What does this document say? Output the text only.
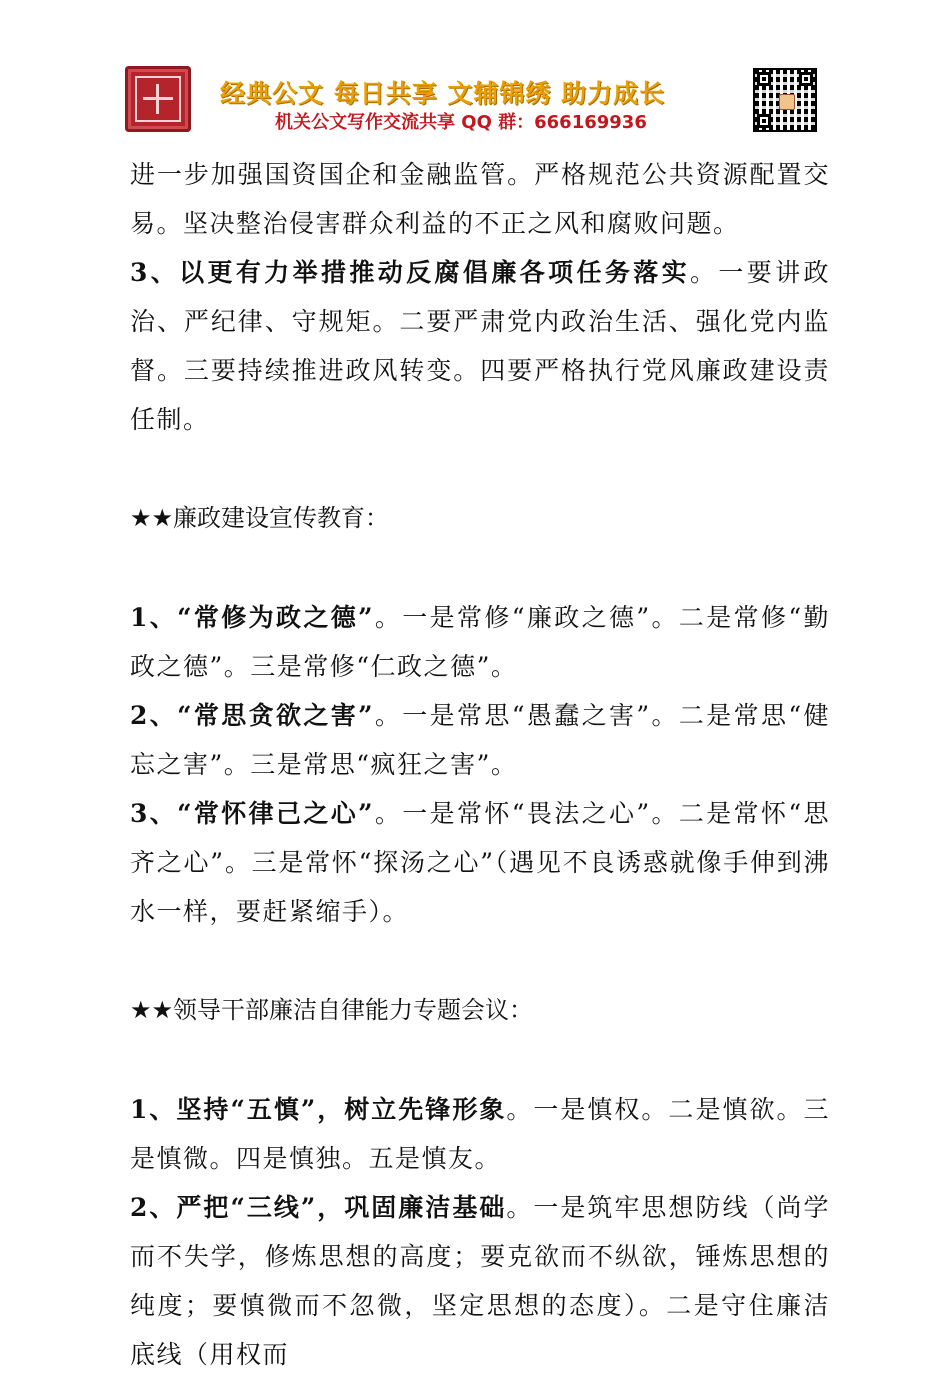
经典公文 每日共享 文辅锦绣 助力成长
机关公文写作交流共享 QQ 群：666169936

进一步加强国资国企和金融监管。严格规范公共资源配置交易。坚决整治侵害群众利益的不正之风和腐败问题。

3、以更有力举措推动反腐倡廉各项任务落实。一要讲政治、严纪律、守规矩。二要严肃党内政治生活、强化党内监督。三要持续推进政风转变。四要严格执行党风廉政建设责任制。

★★廉政建设宣传教育：

1、“常修为政之德”。一是常修“廉政之德”。二是常修“勤政之德”。三是常修“仁政之德”。

2、“常思贪欲之害”。一是常思“愚蠢之害”。二是常思“健忘之害”。三是常思“疯狂之害”。

3、“常怀律己之心”。一是常怀“畏法之心”。二是常怀“思齐之心”。三是常怀“探汤之心”（遇见不良诱惑就像手伸到沸水一样，要赶紧缩手）。

★★领导干部廉洁自律能力专题会议：

1、坚持“五慎”，树立先锋形象。一是慎权。二是慎欲。三是慎微。四是慎独。五是慎友。

2、严把“三线”，巩固廉洁基础。一是筑牢思想防线（尚学而不失学，修炼思想的高度；要克欲而不纵欲，锤炼思想的纯度；要慎微而不忽微，坚定思想的态度）。二是守住廉洁底线（用权而
